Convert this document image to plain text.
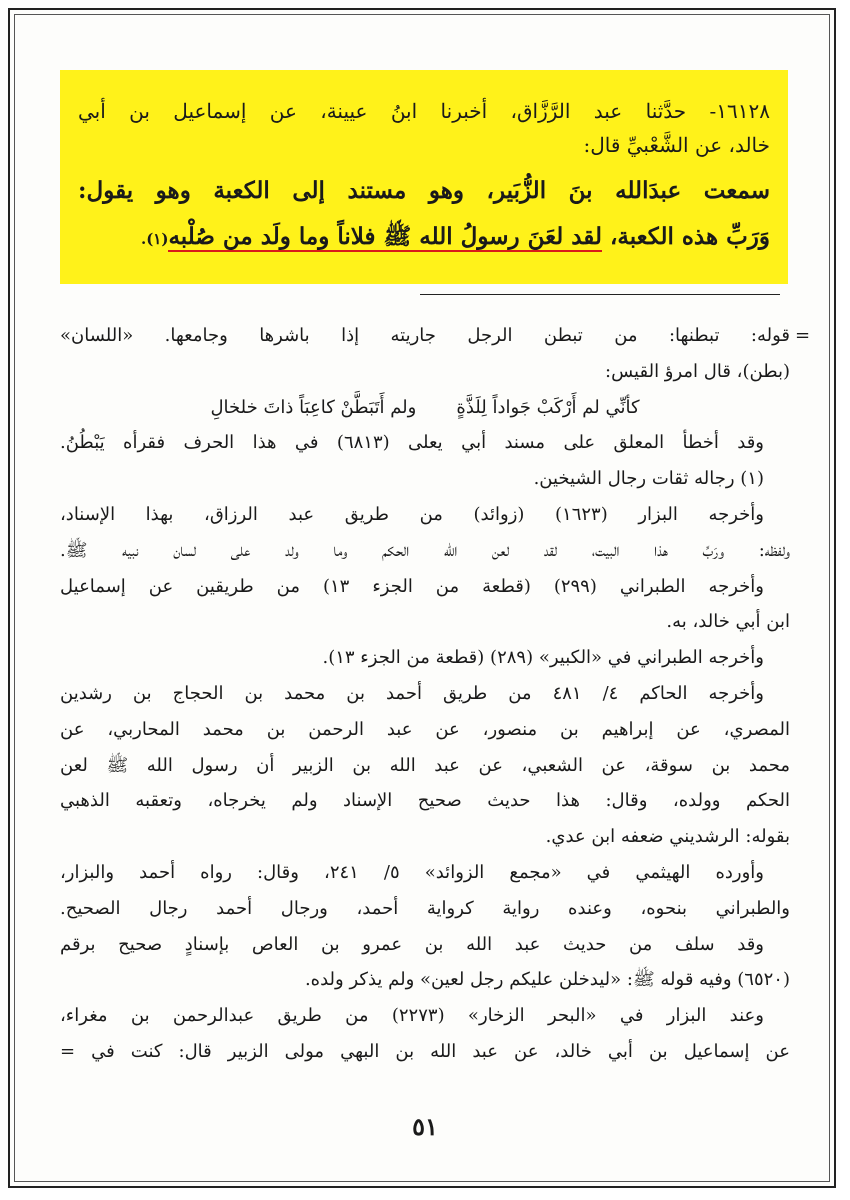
١٦١٢٨- حدَّثنا عبد الرَّزَّاق، أخبرنا ابنُ عيينة، عن إسماعيل بن أبي
خالد، عن الشَّعْبيِّ قال:
سمعت عبدَالله بنَ الزُّبَير، وهو مستند إلى الكعبة وهو يقول:
وَرَبِّ هذه الكعبة، لقد لعَنَ رسولُ الله ﷺ فلاناً وما ولَد من صُلْبه(١).
=
قوله: تبطنها: من تبطن الرجل جاريته إذا باشرها وجامعها. «اللسان»
(بطن)، قال امرؤ القيس:
كأنِّي لم أَرْكَبْ جَواداً لِلَذَّةٍ       ولم أَتَبَطَّنْ كاعِبَاً ذاتَ خلخالِ
وقد أخطأ المعلق على مسند أبي يعلى (٦٨١٣) في هذا الحرف فقرأه يَبْطُنُ.
(١) رجاله ثقات رجال الشيخين.
وأخرجه البزار (١٦٢٣) (زوائد) من طريق عبد الرزاق، بهذا الإسناد،
ولفظه: ورَبِّ هذا البيت، لقد لعن الله الحكم وما ولد على لسان نبيه ﷺ.
وأخرجه الطبراني (٢٩٩) (قطعة من الجزء ١٣) من طريقين عن إسماعيل
ابن أبي خالد، به.
وأخرجه الطبراني في «الكبير» (٢٨٩) (قطعة من الجزء ١٣).
وأخرجه الحاكم ٤/ ٤٨١ من طريق أحمد بن محمد بن الحجاج بن رشدين
المصري، عن إبراهيم بن منصور، عن عبد الرحمن بن محمد المحاربي، عن
محمد بن سوقة، عن الشعبي، عن عبد الله بن الزبير أن رسول الله ﷺ لعن
الحكم وولده، وقال: هذا حديث صحيح الإسناد ولم يخرجاه، وتعقبه الذهبي
بقوله: الرشديني ضعفه ابن عدي.
وأورده الهيثمي في «مجمع الزوائد» ٥/ ٢٤١، وقال: رواه أحمد والبزار،
والطبراني بنحوه، وعنده رواية كرواية أحمد، ورجال أحمد رجال الصحيح.
وقد سلف من حديث عبد الله بن عمرو بن العاص بإسنادٍ صحيح برقم
(٦٥٢٠) وفيه قوله ﷺ: «ليدخلن عليكم رجل لعين» ولم يذكر ولده.
وعند البزار في «البحر الزخار» (٢٢٧٣) من طريق عبدالرحمن بن مغراء،
عن إسماعيل بن أبي خالد، عن عبد الله بن البهي مولى الزبير قال: كنت في =
٥١
